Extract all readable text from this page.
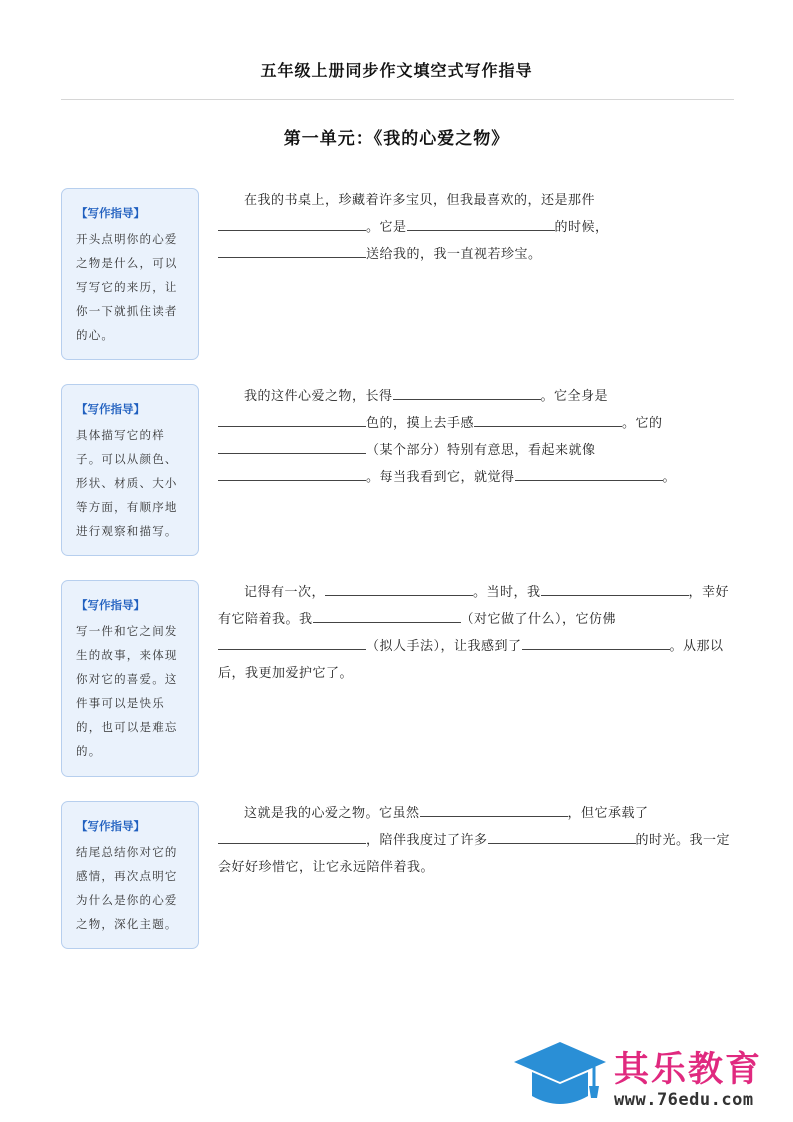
五年级上册同步作文填空式写作指导
第一单元：《我的心爱之物》
【写作指导】
开头点明你的心爱之物是什么，可以写写它的来历，让你一下就抓住读者的心。

在我的书桌上，珍藏着许多宝贝，但我最喜欢的，还是那件。它是	的时候，送给我的，我一直视若珍宝。

【写作指导】
具体描写它的样子。可以从颜色、形状、材质、大小等方面，有顺序地进行观察和描写。

我的这件心爱之物，长得	。它全身是色的，摸上去手感	。它的（某个部分）特别有意思，看起来就像。每当我看到它，就觉得	。

【写作指导】
写一件和它之间发生的故事，来体现你对它的喜爱。这件事可以是快乐的，也可以是难忘的。

记得有一次，	。当时，我	，幸好有它陪着我。我	（对它做了什么），它仿佛（拟人手法），让我感到了	。从那以后，我更加爱护它了。

【写作指导】
结尾总结你对它的感情，再次点明它为什么是你的心爱之物，深化主题。

这就是我的心爱之物。它虽然	，但它承载了，陪伴我度过了许多	的时光。我一定会好好珍惜它，让它永远陪伴着我。

其乐教育
www.76edu.com
